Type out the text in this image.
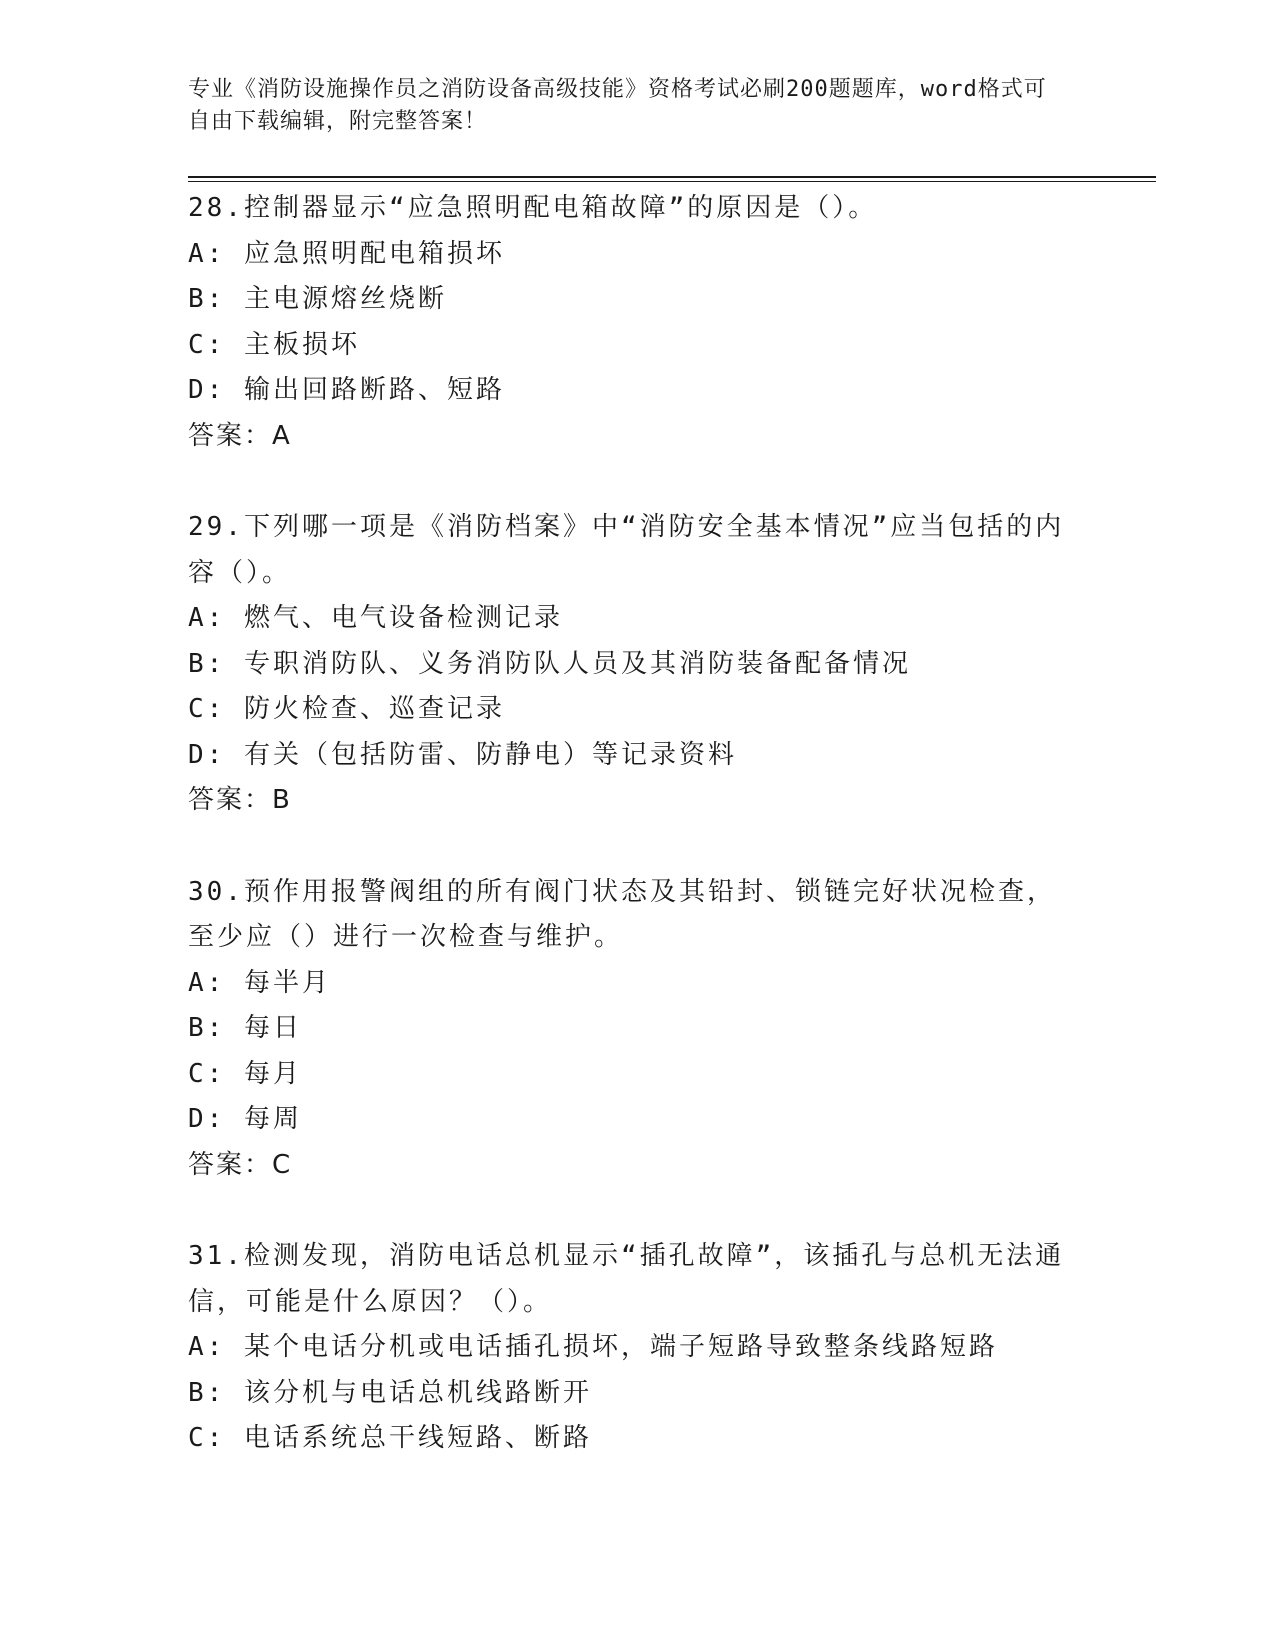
专业《消防设施操作员之消防设备高级技能》资格考试必刷200题题库，word格式可自由下载编辑，附完整答案！
28.控制器显示“应急照明配电箱故障”的原因是（）。
A: 应急照明配电箱损坏
B: 主电源熔丝烧断
C: 主板损坏
D: 输出回路断路、短路
答案：A
29.下列哪一项是《消防档案》中“消防安全基本情况”应当包括的内容（）。
A: 燃气、电气设备检测记录
B: 专职消防队、义务消防队人员及其消防装备配备情况
C: 防火检查、巡查记录
D: 有关（包括防雷、防静电）等记录资料
答案：B
30.预作用报警阀组的所有阀门状态及其铅封、锁链完好状况检查，至少应（）进行一次检查与维护。
A: 每半月
B: 每日
C: 每月
D: 每周
答案：C
31.检测发现，消防电话总机显示“插孔故障”，该插孔与总机无法通信，可能是什么原因？（）。
A: 某个电话分机或电话插孔损坏，端子短路导致整条线路短路
B: 该分机与电话总机线路断开
C: 电话系统总干线短路、断路
